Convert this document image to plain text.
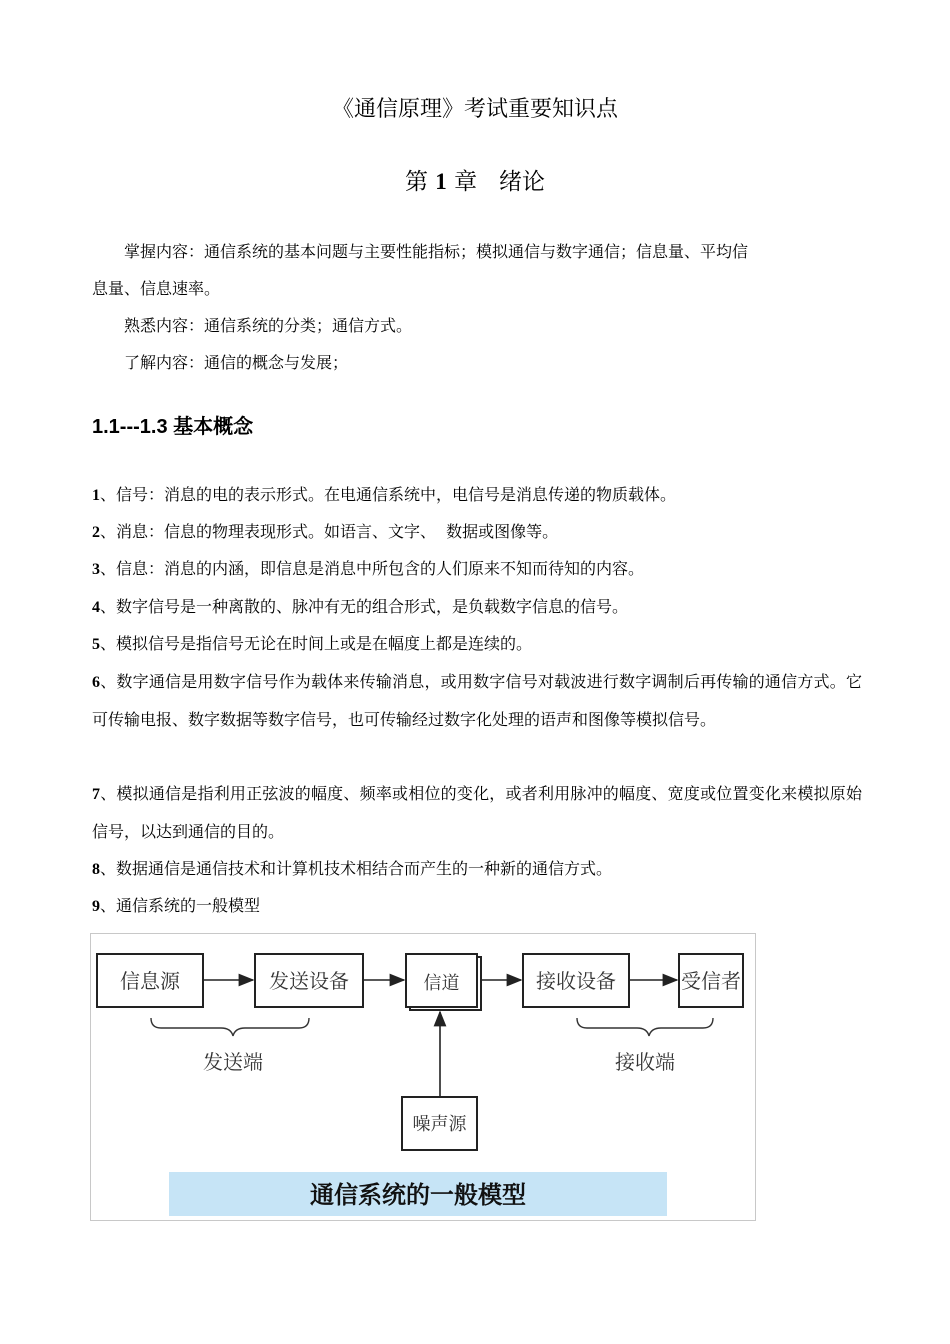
《通信原理》考试重要知识点
第 1 章   绪论
掌握内容：通信系统的基本问题与主要性能指标；模拟通信与数字通信；信息量、平均信
息量、信息速率。
熟悉内容：通信系统的分类；通信方式。
了解内容：通信的概念与发展；
1.1---1.3 基本概念
1、信号：消息的电的表示形式。在电通信系统中，电信号是消息传递的物质载体。
2、消息：信息的物理表现形式。如语言、文字、  数据或图像等。
3、信息：消息的内涵，即信息是消息中所包含的人们原来不知而待知的内容。
4、数字信号是一种离散的、脉冲有无的组合形式，是负载数字信息的信号。
5、模拟信号是指信号无论在时间上或是在幅度上都是连续的。
6、数字通信是用数字信号作为载体来传输消息，或用数字信号对载波进行数字调制后再传输的通信方式。它可传输电报、数字数据等数字信号，也可传输经过数字化处理的语声和图像等模拟信号。
7、模拟通信是指利用正弦波的幅度、频率或相位的变化，或者利用脉冲的幅度、宽度或位置变化来模拟原始信号，以达到通信的目的。
8、数据通信是通信技术和计算机技术相结合而产生的一种新的通信方式。
9、通信系统的一般模型
信息源	发送设备	信道	接收设备	受信者
噪声源
发送端	接收端
通信系统的一般模型
